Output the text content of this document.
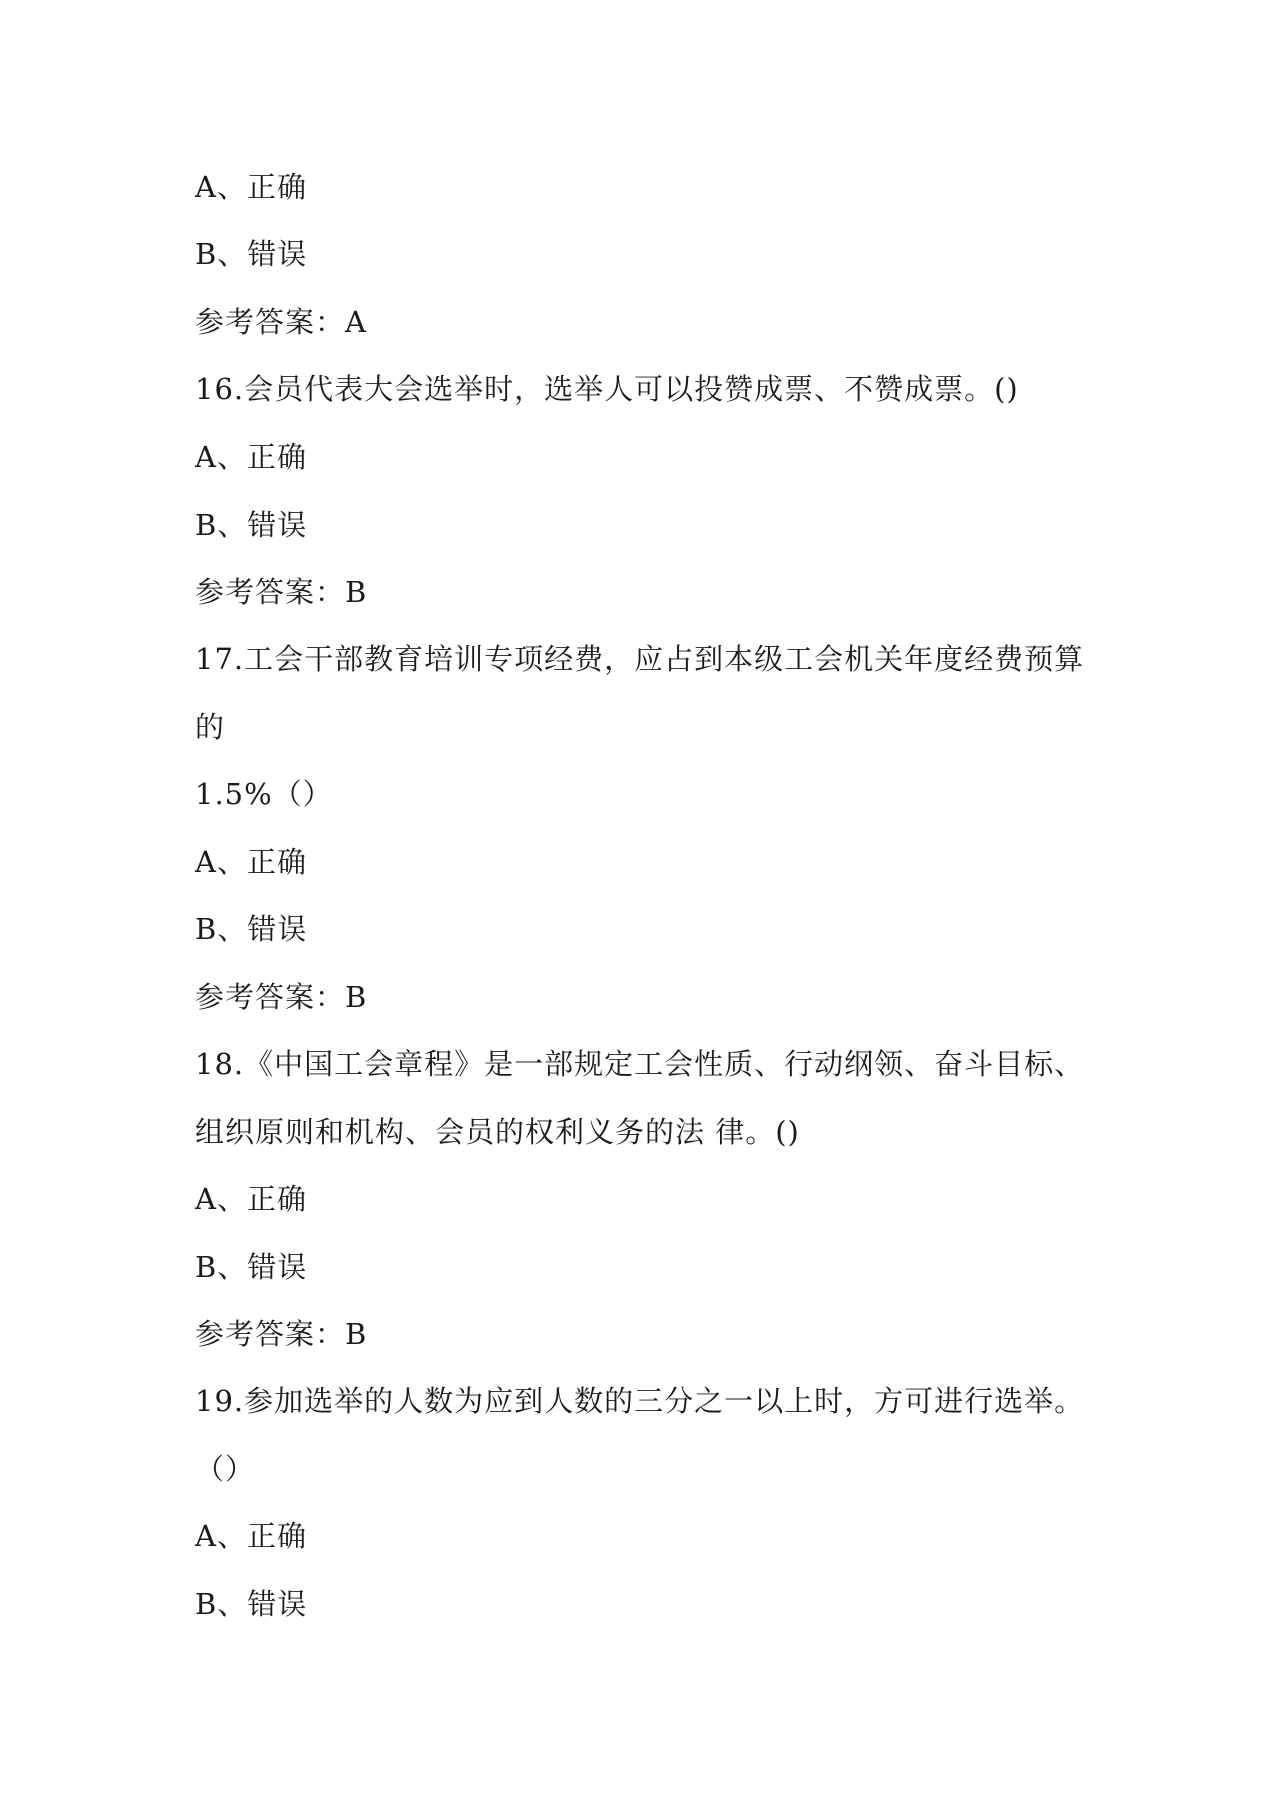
A、正确
B、错误
参考答案：A
16.会员代表大会选举时，选举人可以投赞成票、不赞成票。()
A、正确
B、错误
参考答案：B
17.工会干部教育培训专项经费，应占到本级工会机关年度经费预算
的
1.5%（）
A、正确
B、错误
参考答案：B
18.《中国工会章程》是一部规定工会性质、行动纲领、奋斗目标、
组织原则和机构、会员的权利义务的法 律。()
A、正确
B、错误
参考答案：B
19.参加选举的人数为应到人数的三分之一以上时，方可进行选举。
（）
A、正确
B、错误
